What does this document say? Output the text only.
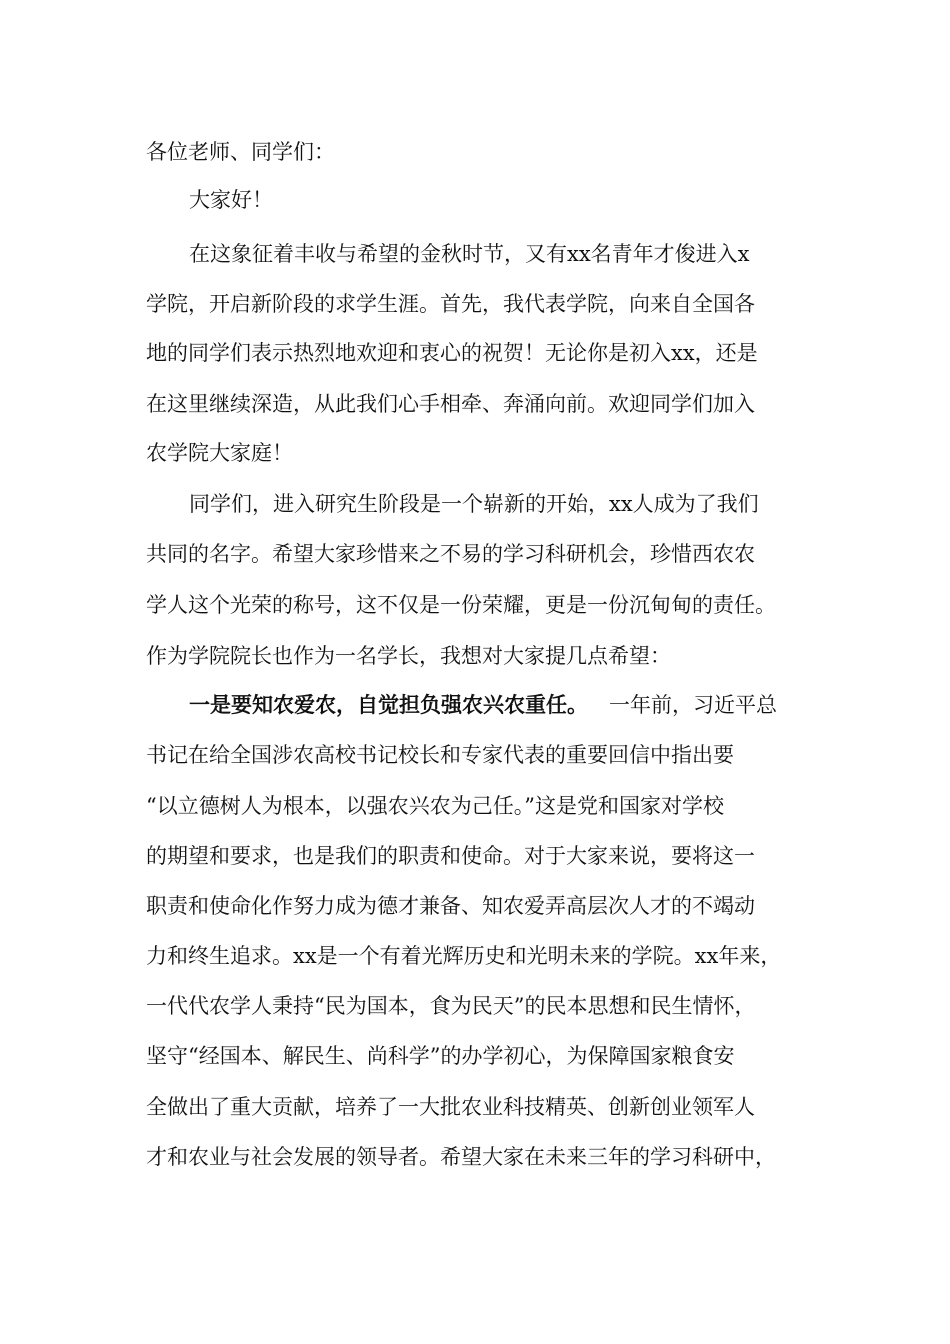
各位老师、同学们：
大家好！
在这象征着丰收与希望的金秋时节，又有xx名青年才俊进入x
学院，开启新阶段的求学生涯。首先，我代表学院，向来自全国各
地的同学们表示热烈地欢迎和衷心的祝贺！无论你是初入xx，还是
在这里继续深造，从此我们心手相牵、奔涌向前。欢迎同学们加入
农学院大家庭！
同学们，进入研究生阶段是一个崭新的开始，xx人成为了我们
共同的名字。希望大家珍惜来之不易的学习科研机会，珍惜西农农
学人这个光荣的称号，这不仅是一份荣耀，更是一份沉甸甸的责任。
作为学院院长也作为一名学长，我想对大家提几点希望：
一是要知农爱农，自觉担负强农兴农重任。 一年前，习近平总
书记在给全国涉农高校书记校长和专家代表的重要回信中指出要
“以立德树人为根本，以强农兴农为己任。”这是党和国家对学校
的期望和要求，也是我们的职责和使命。对于大家来说，要将这一
职责和使命化作努力成为德才兼备、知农爱弄高层次人才的不竭动
力和终生追求。xx是一个有着光辉历史和光明未来的学院。xx年来，
一代代农学人秉持“民为国本，食为民天”的民本思想和民生情怀，
坚守“经国本、解民生、尚科学”的办学初心，为保障国家粮食安
全做出了重大贡献，培养了一大批农业科技精英、创新创业领军人
才和农业与社会发展的领导者。希望大家在未来三年的学习科研中，
